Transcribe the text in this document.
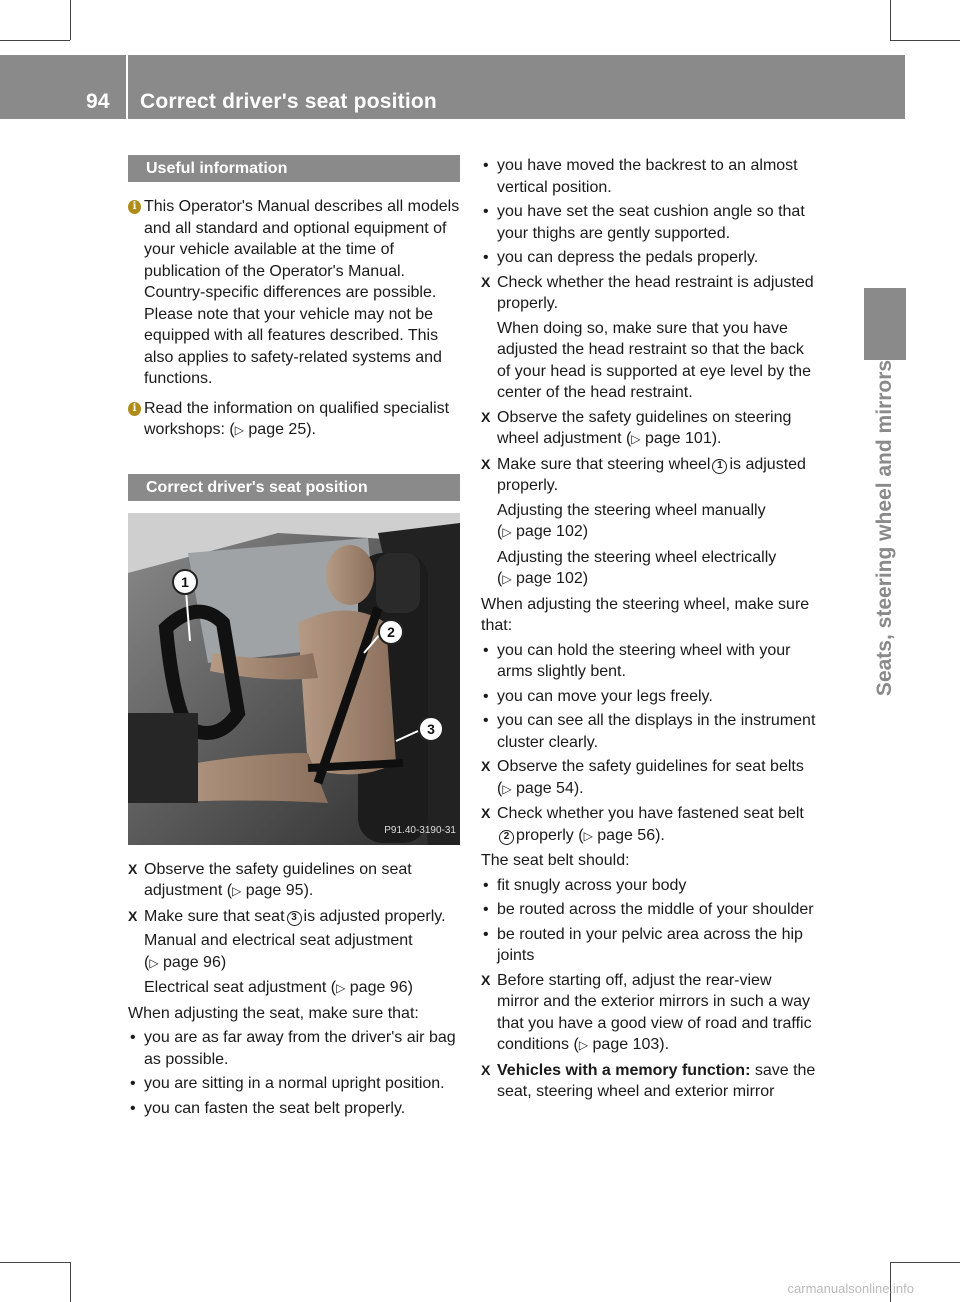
94 Correct driver's seat position
Seats, steering wheel and mirrors
Useful information
i This Operator's Manual describes all models and all standard and optional equipment of your vehicle available at the time of publication of the Operator's Manual. Country-specific differences are possible. Please note that your vehicle may not be equipped with all features described. This also applies to safety-related systems and functions.
i Read the information on qualified specialist workshops: (▷ page 25).
Correct driver's seat position
1
2
3
P91.40-3190-31
X Observe the safety guidelines on seat adjustment (▷ page 95).
X Make sure that seat 3 is adjusted properly.
Manual and electrical seat adjustment
(▷ page 96)
Electrical seat adjustment (▷ page 96)
When adjusting the seat, make sure that:
• you are as far away from the driver's air bag as possible.
• you are sitting in a normal upright position.
• you can fasten the seat belt properly.
• you have moved the backrest to an almost vertical position.
• you have set the seat cushion angle so that your thighs are gently supported.
• you can depress the pedals properly.
X Check whether the head restraint is adjusted properly.
When doing so, make sure that you have adjusted the head restraint so that the back of your head is supported at eye level by the center of the head restraint.
X Observe the safety guidelines on steering wheel adjustment (▷ page 101).
X Make sure that steering wheel 1 is adjusted properly.
Adjusting the steering wheel manually
(▷ page 102)
Adjusting the steering wheel electrically
(▷ page 102)
When adjusting the steering wheel, make sure that:
• you can hold the steering wheel with your arms slightly bent.
• you can move your legs freely.
• you can see all the displays in the instrument cluster clearly.
X Observe the safety guidelines for seat belts (▷ page 54).
X Check whether you have fastened seat belt2 properly (▷ page 56).
The seat belt should:
• fit snugly across your body
• be routed across the middle of your shoulder
• be routed in your pelvic area across the hip joints
X Before starting off, adjust the rear-view mirror and the exterior mirrors in such a way that you have a good view of road and traffic conditions (▷ page 103).
X Vehicles with a memory function: save the seat, steering wheel and exterior mirror
carmanualsonline.info
